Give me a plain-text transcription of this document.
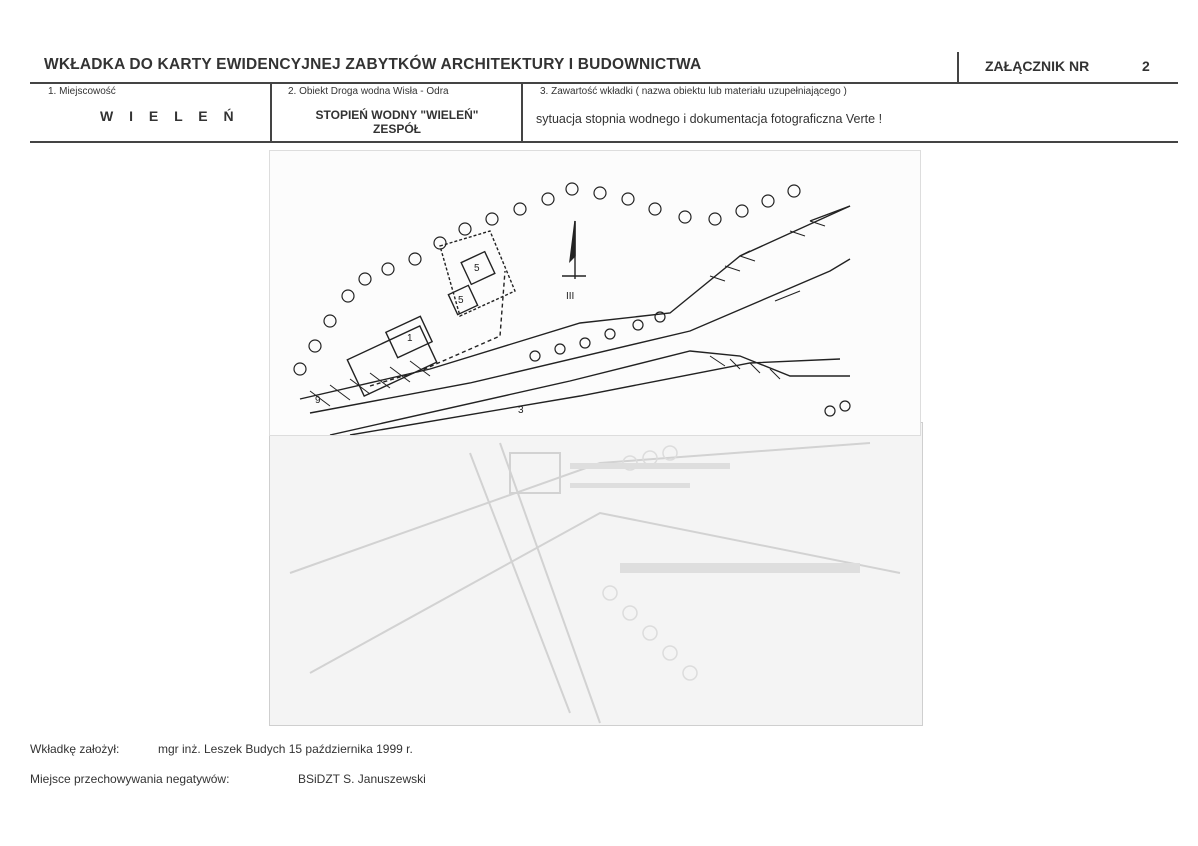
WKŁADKA DO KARTY EWIDENCYJNEJ ZABYTKÓW ARCHITEKTURY I BUDOWNICTWA	ZAŁĄCZNIK NR	2
1. Miejscowość
W I E L E Ń
2. Obiekt Droga wodna Wisła - Odra
STOPIEŃ WODNY "WIELEŃ"
ZESPÓŁ
3. Zawartość wkładki ( nazwa obiektu lub materiału uzupełniającego )
sytuacja stopnia wodnego i dokumentacja fotograficzna Verte !
1
5
5
3
9
III
Wkładkę założył:	mgr inż. Leszek Budych 15 października 1999 r.
Miejsce przechowywania negatywów:	BSiDZT S. Januszewski
